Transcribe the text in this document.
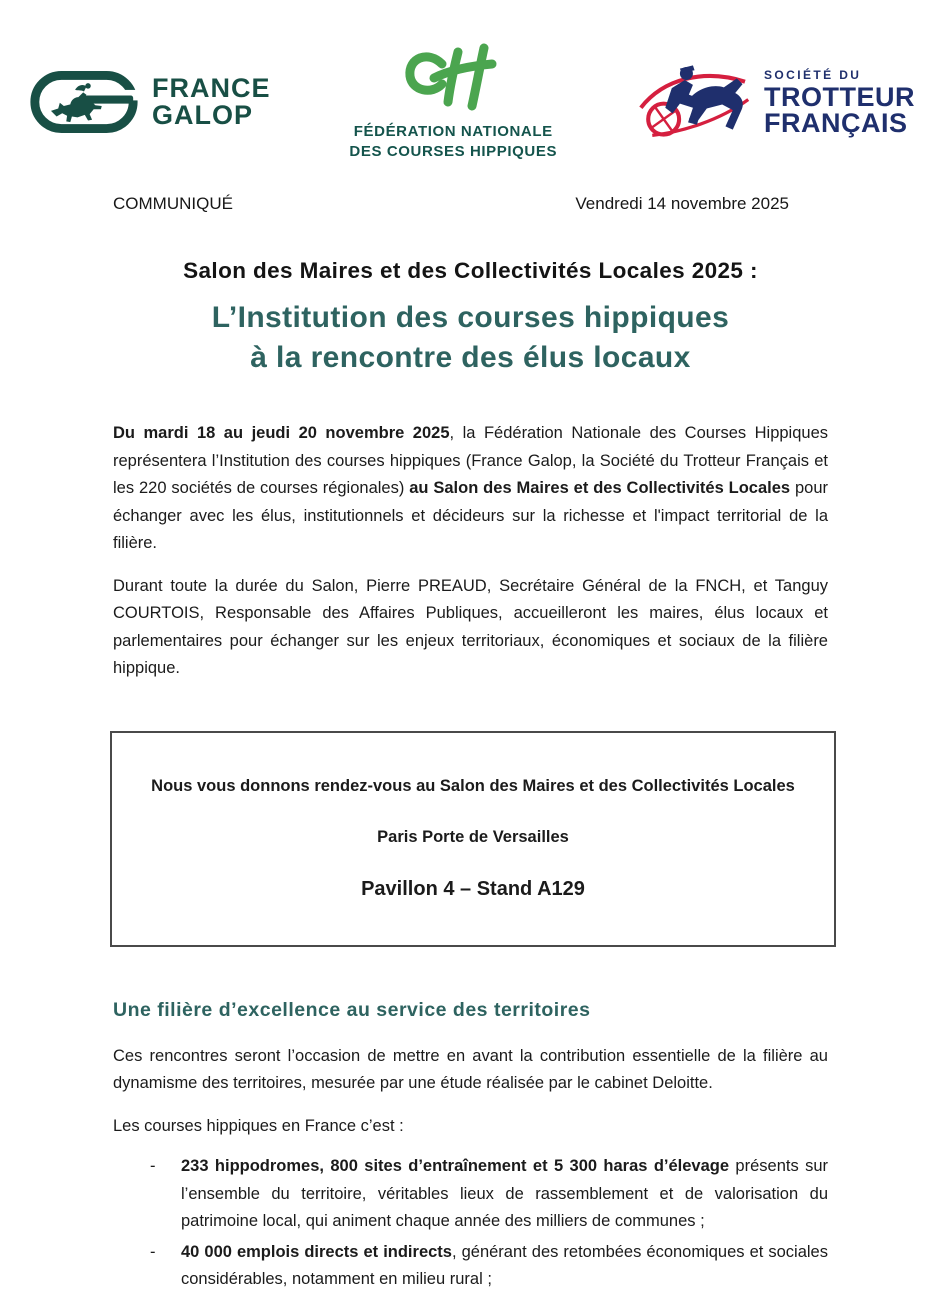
FRANCE
GALOP
FÉDÉRATION NATIONALE
DES COURSES HIPPIQUES
SOCIÉTÉ DU
TROTTEUR
FRANÇAIS
COMMUNIQUÉ	Vendredi 14 novembre 2025
Salon des Maires et des Collectivités Locales 2025 :
L’Institution des courses hippiques
à la rencontre des élus locaux

Du mardi 18 au jeudi 20 novembre 2025, la Fédération Nationale des Courses Hippiques représentera l’Institution des courses hippiques (France Galop, la Société du Trotteur Français et les 220 sociétés de courses régionales) au Salon des Maires et des Collectivités Locales pour échanger avec les élus, institutionnels et décideurs sur la richesse et l'impact territorial de la filière.

Durant toute la durée du Salon, Pierre PREAUD, Secrétaire Général de la FNCH, et Tanguy COURTOIS, Responsable des Affaires Publiques, accueilleront les maires, élus locaux et parlementaires pour échanger sur les enjeux territoriaux, économiques et sociaux de la filière hippique.

Nous vous donnons rendez-vous au Salon des Maires et des Collectivités Locales

Paris Porte de Versailles

Pavillon 4 – Stand A129

Une filière d’excellence au service des territoires

Ces rencontres seront l’occasion de mettre en avant la contribution essentielle de la filière au dynamisme des territoires, mesurée par une étude réalisée par le cabinet Deloitte.

Les courses hippiques en France c’est :

- 233 hippodromes, 800 sites d’entraînement et 5 300 haras d’élevage présents sur l’ensemble du territoire, véritables lieux de rassemblement et de valorisation du patrimoine local, qui animent chaque année des milliers de communes ;
- 40 000 emplois directs et indirects, générant des retombées économiques et sociales considérables, notamment en milieu rural ;
